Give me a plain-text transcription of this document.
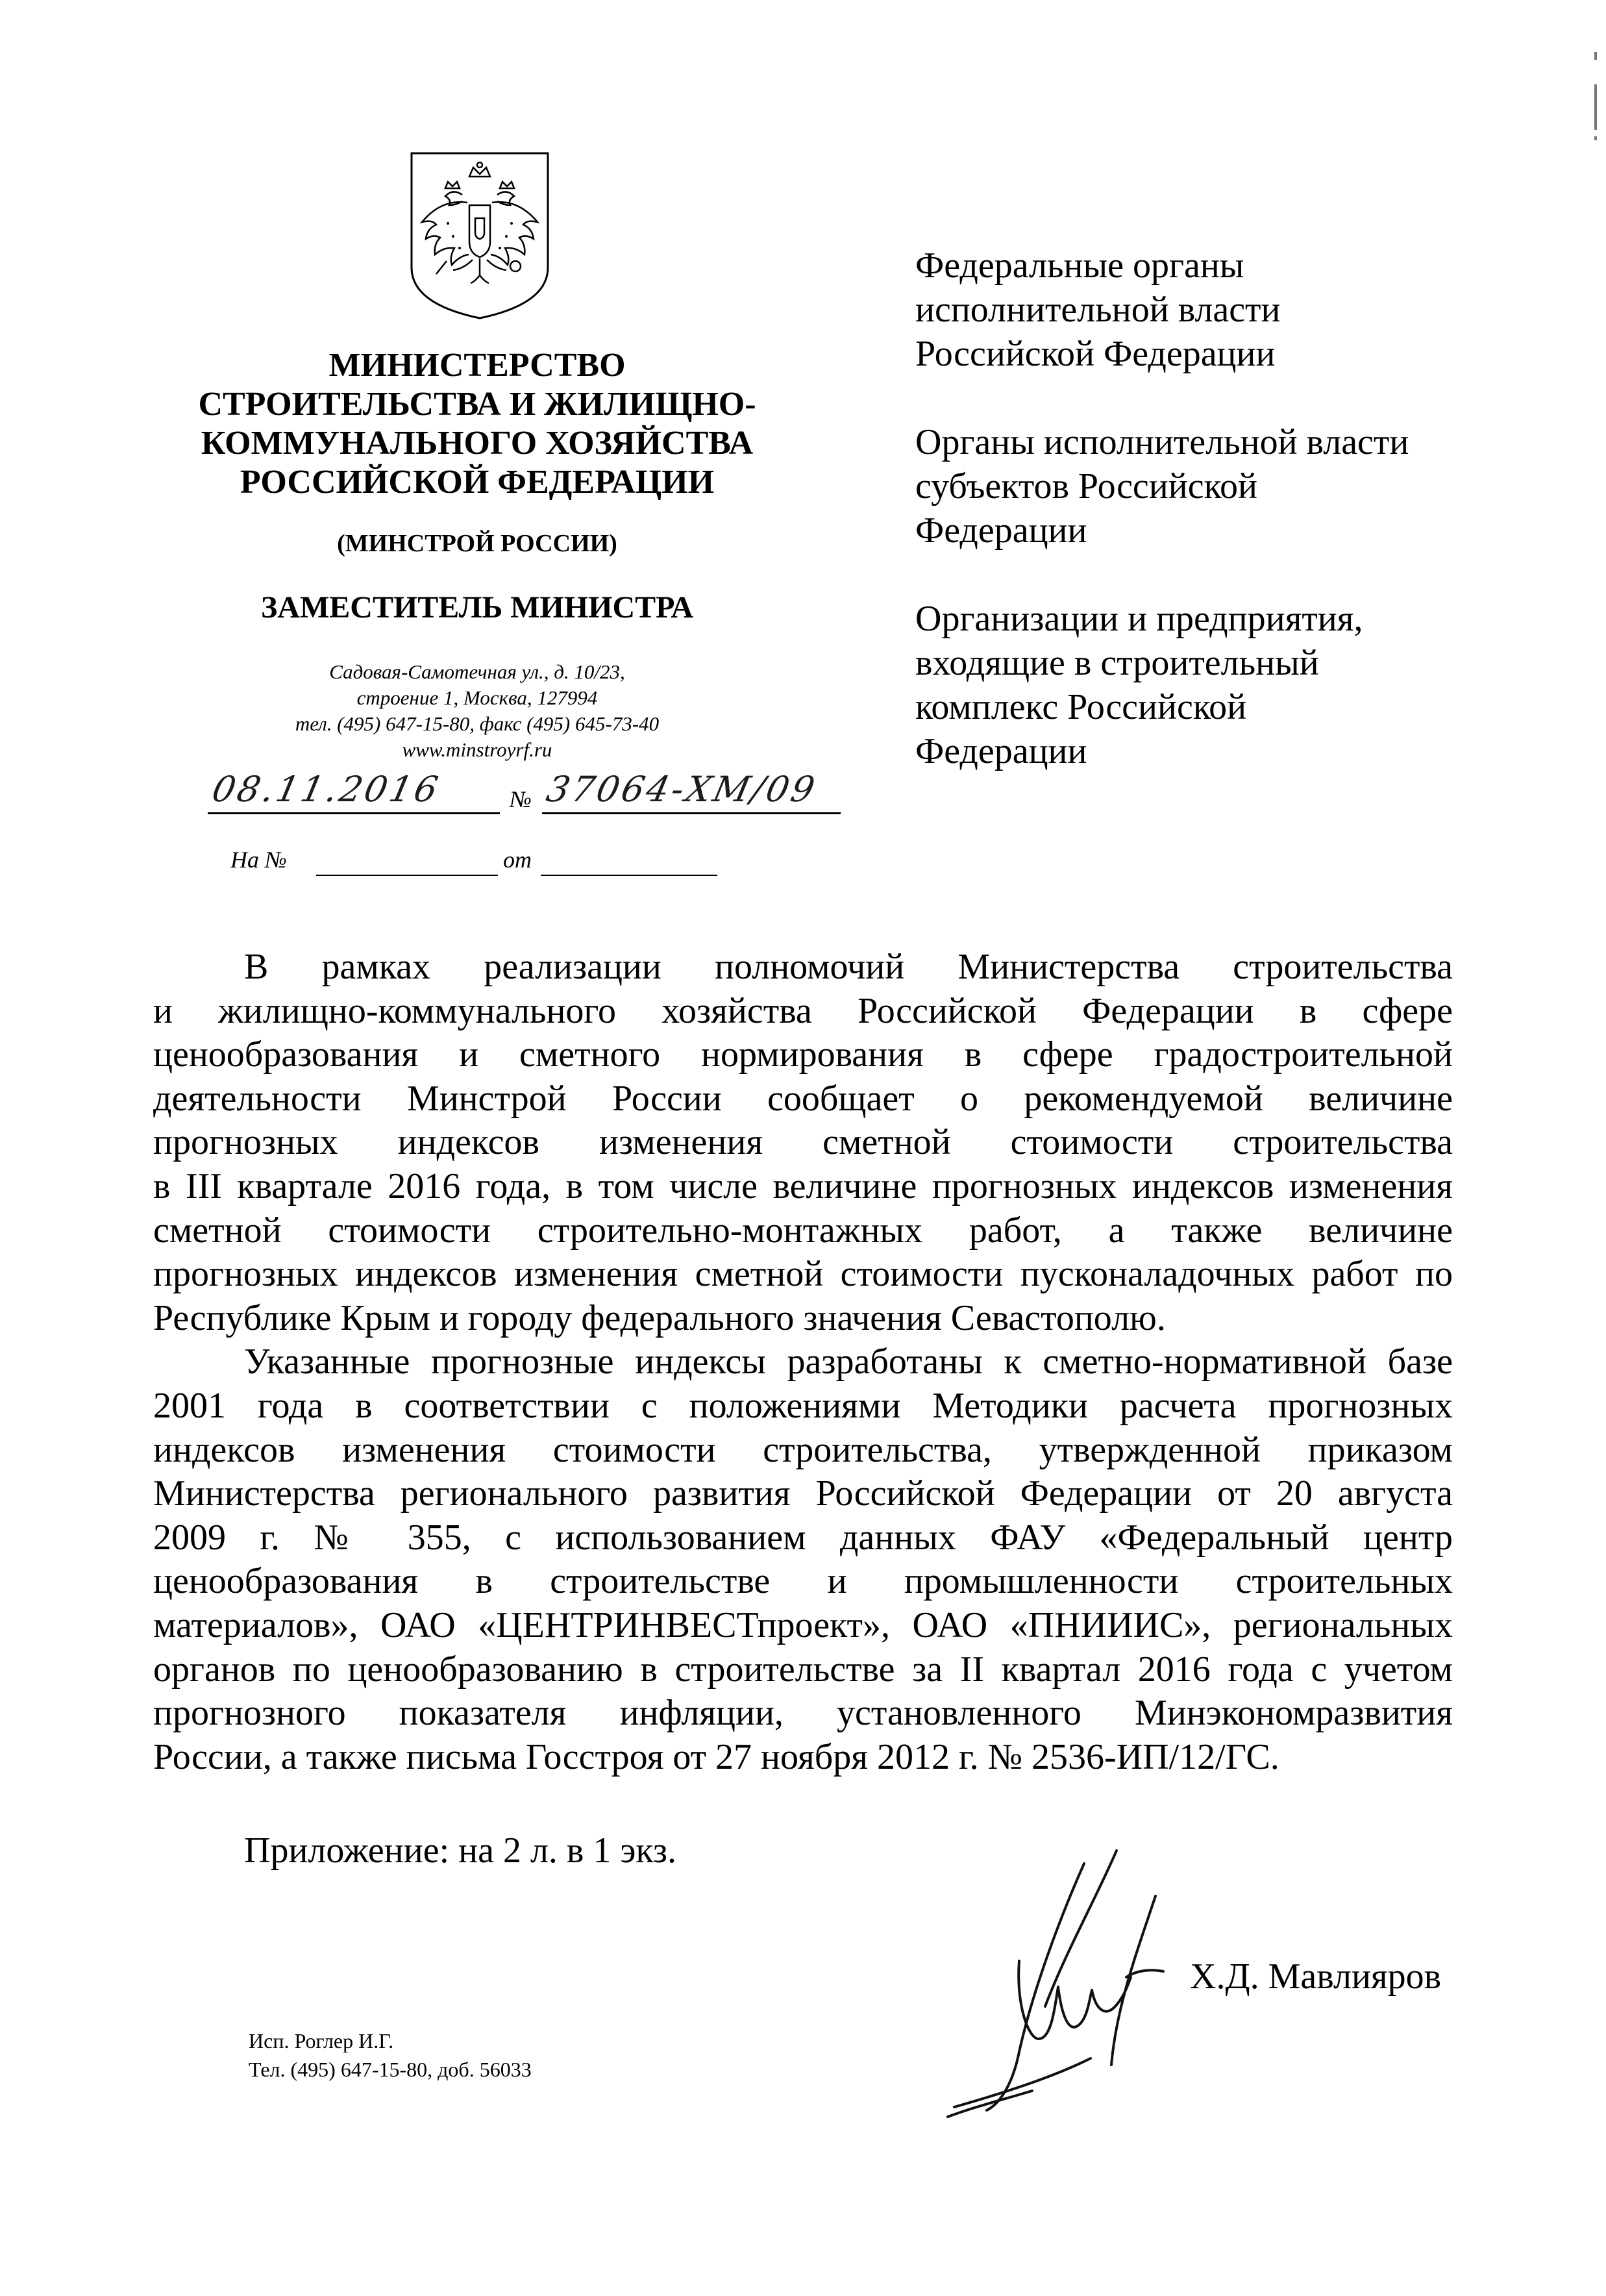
МИНИСТЕРСТВО
СТРОИТЕЛЬСТВА И ЖИЛИЩНО-
КОММУНАЛЬНОГО ХОЗЯЙСТВА
РОССИЙСКОЙ ФЕДЕРАЦИИ
(МИНСТРОЙ РОССИИ)
ЗАМЕСТИТЕЛЬ МИНИСТРА
Садовая-Самотечная ул., д. 10/23,
строение 1, Москва, 127994
тел. (495) 647-15-80, факс (495) 645-73-40
www.minstroyrf.ru
08.11.2016	№ 37064-ХМ/09
На №	от
Федеральные органы
исполнительной власти
Российской Федерации
Органы исполнительной власти
субъектов Российской
Федерации
Организации и предприятия,
входящие в строительный
комплекс Российской
Федерации

В рамках реализации полномочий Министерства строительства
и жилищно-коммунального хозяйства Российской Федерации в сфере
ценообразования и сметного нормирования в сфере градостроительной
деятельности Минстрой России сообщает о рекомендуемой величине
прогнозных индексов изменения сметной стоимости строительства
в III квартале 2016 года, в том числе величине прогнозных индексов изменения
сметной стоимости строительно-монтажных работ, а также величине
прогнозных индексов изменения сметной стоимости пусконаладочных работ по
Республике Крым и городу федерального значения Севастополю.

Указанные прогнозные индексы разработаны к сметно-нормативной базе
2001 года в соответствии с положениями Методики расчета прогнозных
индексов изменения стоимости строительства, утвержденной приказом
Министерства регионального развития Российской Федерации от 20 августа
2009 г. № 355, с использованием данных ФАУ «Федеральный центр
ценообразования в строительстве и промышленности строительных
материалов», ОАО «ЦЕНТРИНВЕСТпроект», ОАО «ПНИИИС», региональных
органов по ценообразованию в строительстве за II квартал 2016 года с учетом
прогнозного показателя инфляции, установленного Минэкономразвития
России, а также письма Госстроя от 27 ноября 2012 г. № 2536-ИП/12/ГС.

Приложение: на 2 л. в 1 экз.
Х.Д. Мавлияров
Исп. Роглер И.Г.
Тел. (495) 647-15-80, доб. 56033
